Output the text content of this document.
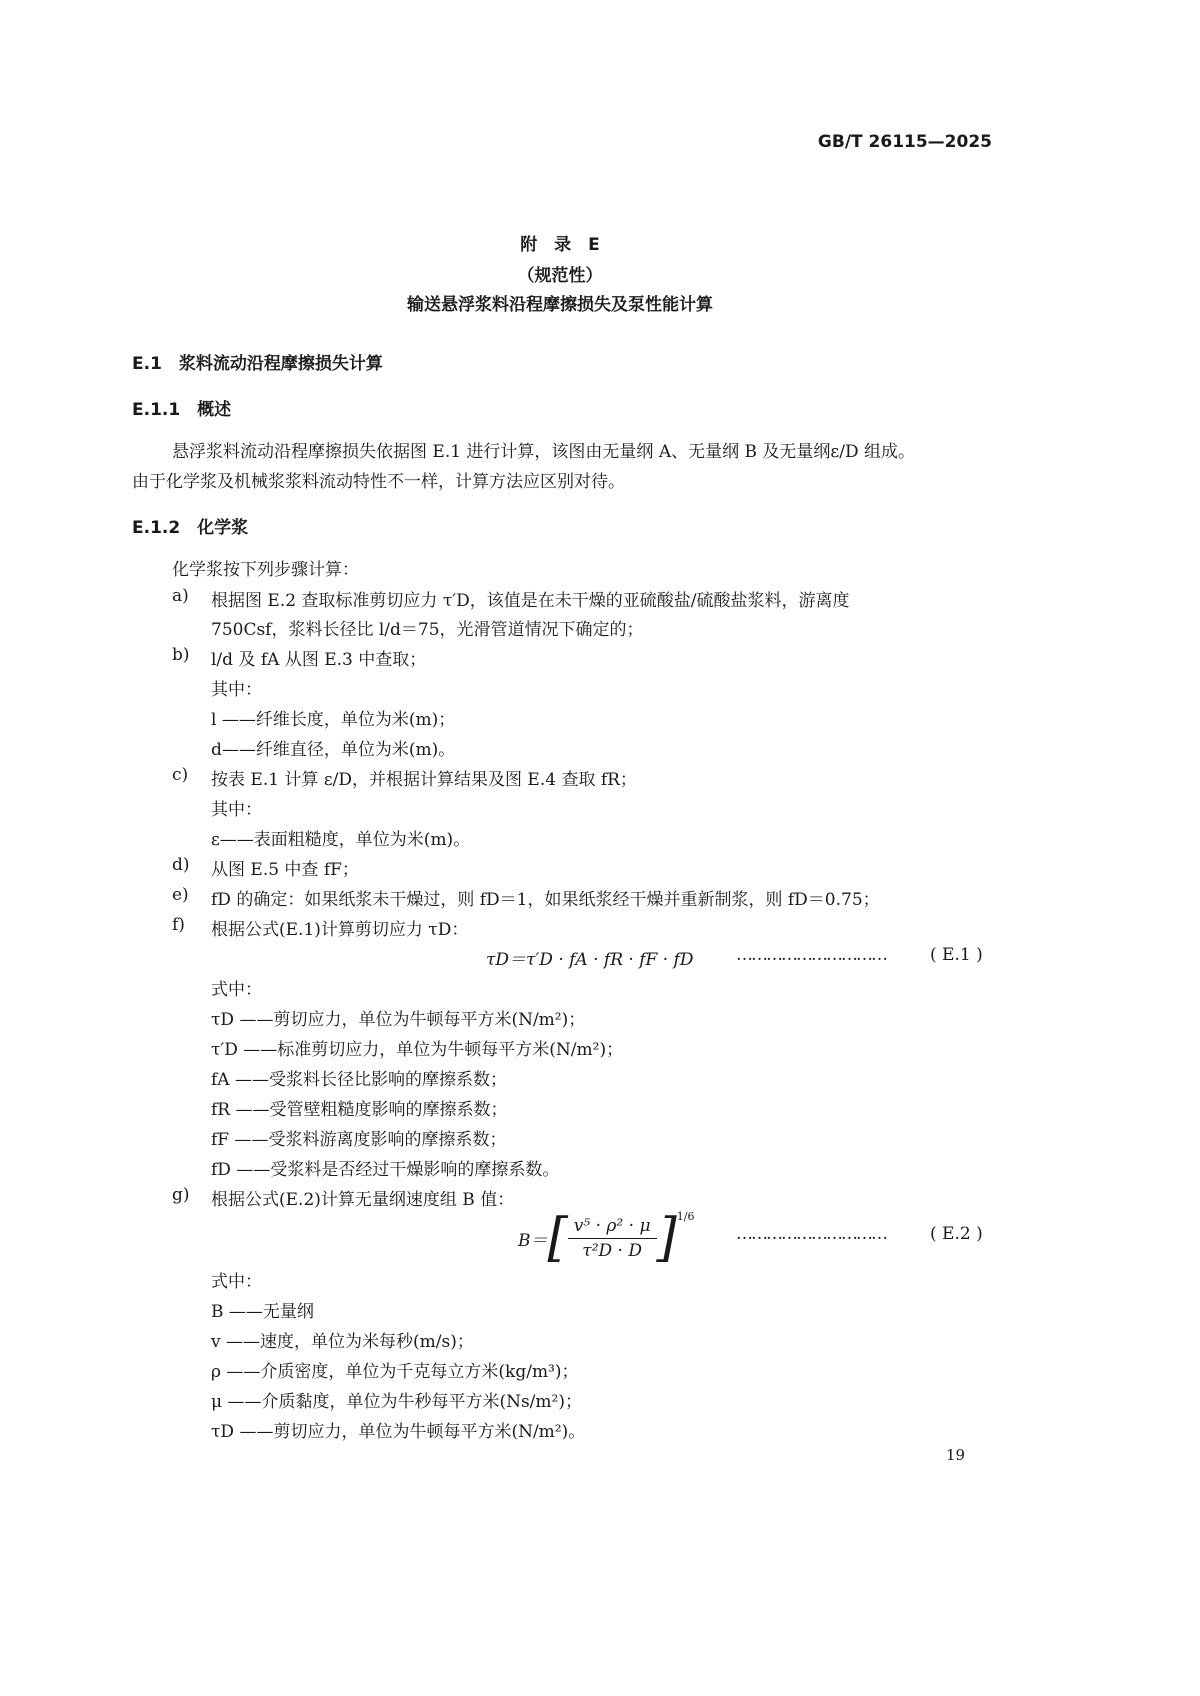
GB/T 26115—2025
附　录　E
（规范性）
输送悬浮浆料沿程摩擦损失及泵性能计算
E.1　浆料流动沿程摩擦损失计算
E.1.1　概述
悬浮浆料流动沿程摩擦损失依据图 E.1 进行计算，该图由无量纲 A、无量纲 B 及无量纲ε/D 组成。
由于化学浆及机械浆浆料流动特性不一样，计算方法应区别对待。
E.1.2　化学浆
化学浆按下列步骤计算：
a) 根据图 E.2 查取标准剪切应力 τ′D，该值是在未干燥的亚硫酸盐/硫酸盐浆料，游离度
750Csf，浆料长径比 l/d＝75，光滑管道情况下确定的；
b) l/d 及 fA 从图 E.3 中查取；
其中：
l ——纤维长度，单位为米(m)；
d——纤维直径，单位为米(m)。
c) 按表 E.1 计算 ε/D，并根据计算结果及图 E.4 查取 fR；
其中：
ε——表面粗糙度，单位为米(m)。
d) 从图 E.5 中查 fF；
e) fD 的确定：如果纸浆未干燥过，则 fD＝1，如果纸浆经干燥并重新制浆，则 fD＝0.75；
f) 根据公式(E.1)计算剪切应力 τD：
τD＝τ′D · fA · fR · fF · fD	…………………………	( E.1 )
式中：
τD ——剪切应力，单位为牛顿每平方米(N/m²)；
τ′D ——标准剪切应力，单位为牛顿每平方米(N/m²)；
fA ——受浆料长径比影响的摩擦系数；
fR ——受管壁粗糙度影响的摩擦系数；
fF ——受浆料游离度影响的摩擦系数；
fD ——受浆料是否经过干燥影响的摩擦系数。
g) 根据公式(E.2)计算无量纲速度组 B 值：
B＝ [ $\frac{\text{v⁵ · ρ² · μ}}{\text{τ²D · D}}$ ] 1/6
…………………………	( E.2 )
式中：
B ——无量纲
v ——速度，单位为米每秒(m/s)；
ρ ——介质密度，单位为千克每立方米(kg/m³)；
μ ——介质黏度，单位为牛秒每平方米(Ns/m²)；
τD ——剪切应力，单位为牛顿每平方米(N/m²)。
19
